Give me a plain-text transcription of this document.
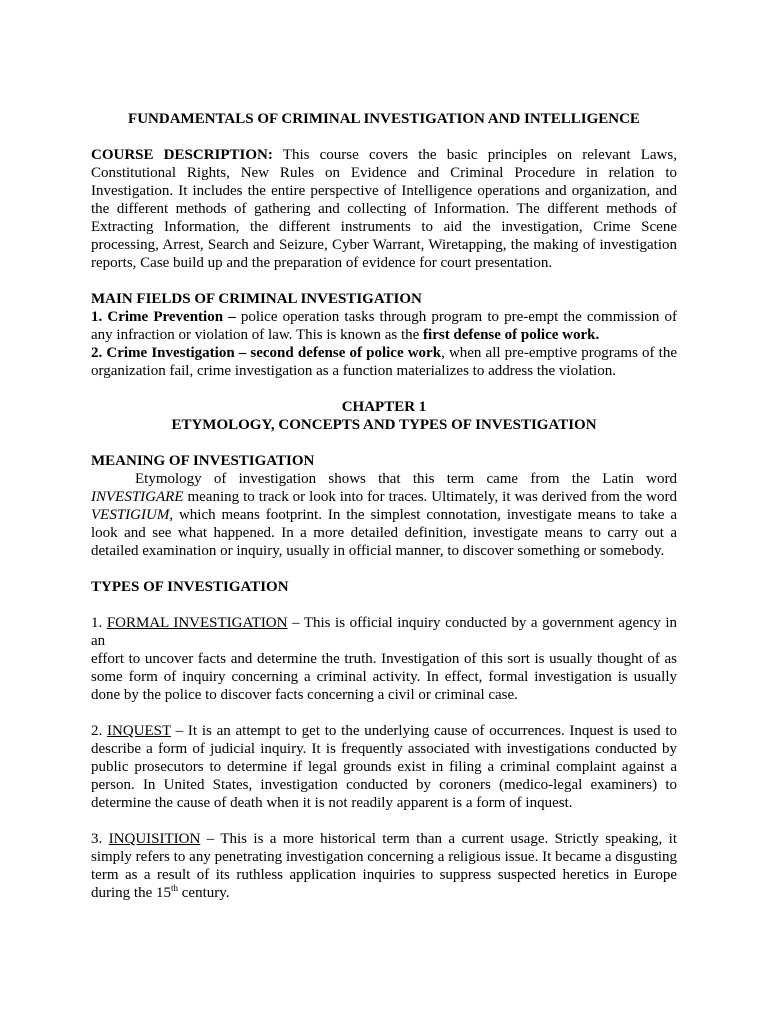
FUNDAMENTALS OF CRIMINAL INVESTIGATION AND INTELLIGENCE

COURSE DESCRIPTION: This course covers the basic principles on relevant Laws, Constitutional Rights, New Rules on Evidence and Criminal Procedure in relation to Investigation. It includes the entire perspective of Intelligence operations and organization, and the different methods of gathering and collecting of Information. The different methods of Extracting Information, the different instruments to aid the investigation, Crime Scene processing, Arrest, Search and Seizure, Cyber Warrant, Wiretapping, the making of investigation reports, Case build up and the preparation of evidence for court presentation.

MAIN FIELDS OF CRIMINAL INVESTIGATION

1. Crime Prevention – police operation tasks through program to pre-empt the commission of any infraction or violation of law. This is known as the first defense of police work.

2. Crime Investigation – second defense of police work, when all pre-emptive programs of the organization fail, crime investigation as a function materializes to address the violation.

CHAPTER 1

ETYMOLOGY, CONCEPTS AND TYPES OF INVESTIGATION

MEANING OF INVESTIGATION

Etymology of investigation shows that this term came from the Latin word INVESTIGARE meaning to track or look into for traces. Ultimately, it was derived from the word VESTIGIUM, which means footprint. In the simplest connotation, investigate means to take a look and see what happened. In a more detailed definition, investigate means to carry out a detailed examination or inquiry, usually in official manner, to discover something or somebody.

TYPES OF INVESTIGATION

1. FORMAL INVESTIGATION – This is official inquiry conducted by a government agency in an

effort to uncover facts and determine the truth. Investigation of this sort is usually thought of as some form of inquiry concerning a criminal activity. In effect, formal investigation is usually done by the police to discover facts concerning a civil or criminal case.

2. INQUEST – It is an attempt to get to the underlying cause of occurrences. Inquest is used to describe a form of judicial inquiry. It is frequently associated with investigations conducted by public prosecutors to determine if legal grounds exist in filing a criminal complaint against a person. In United States, investigation conducted by coroners (medico-legal examiners) to determine the cause of death when it is not readily apparent is a form of inquest.

3. INQUISITION – This is a more historical term than a current usage. Strictly speaking, it simply refers to any penetrating investigation concerning a religious issue. It became a disgusting term as a result of its ruthless application inquiries to suppress suspected heretics in Europe during the 15th century.
